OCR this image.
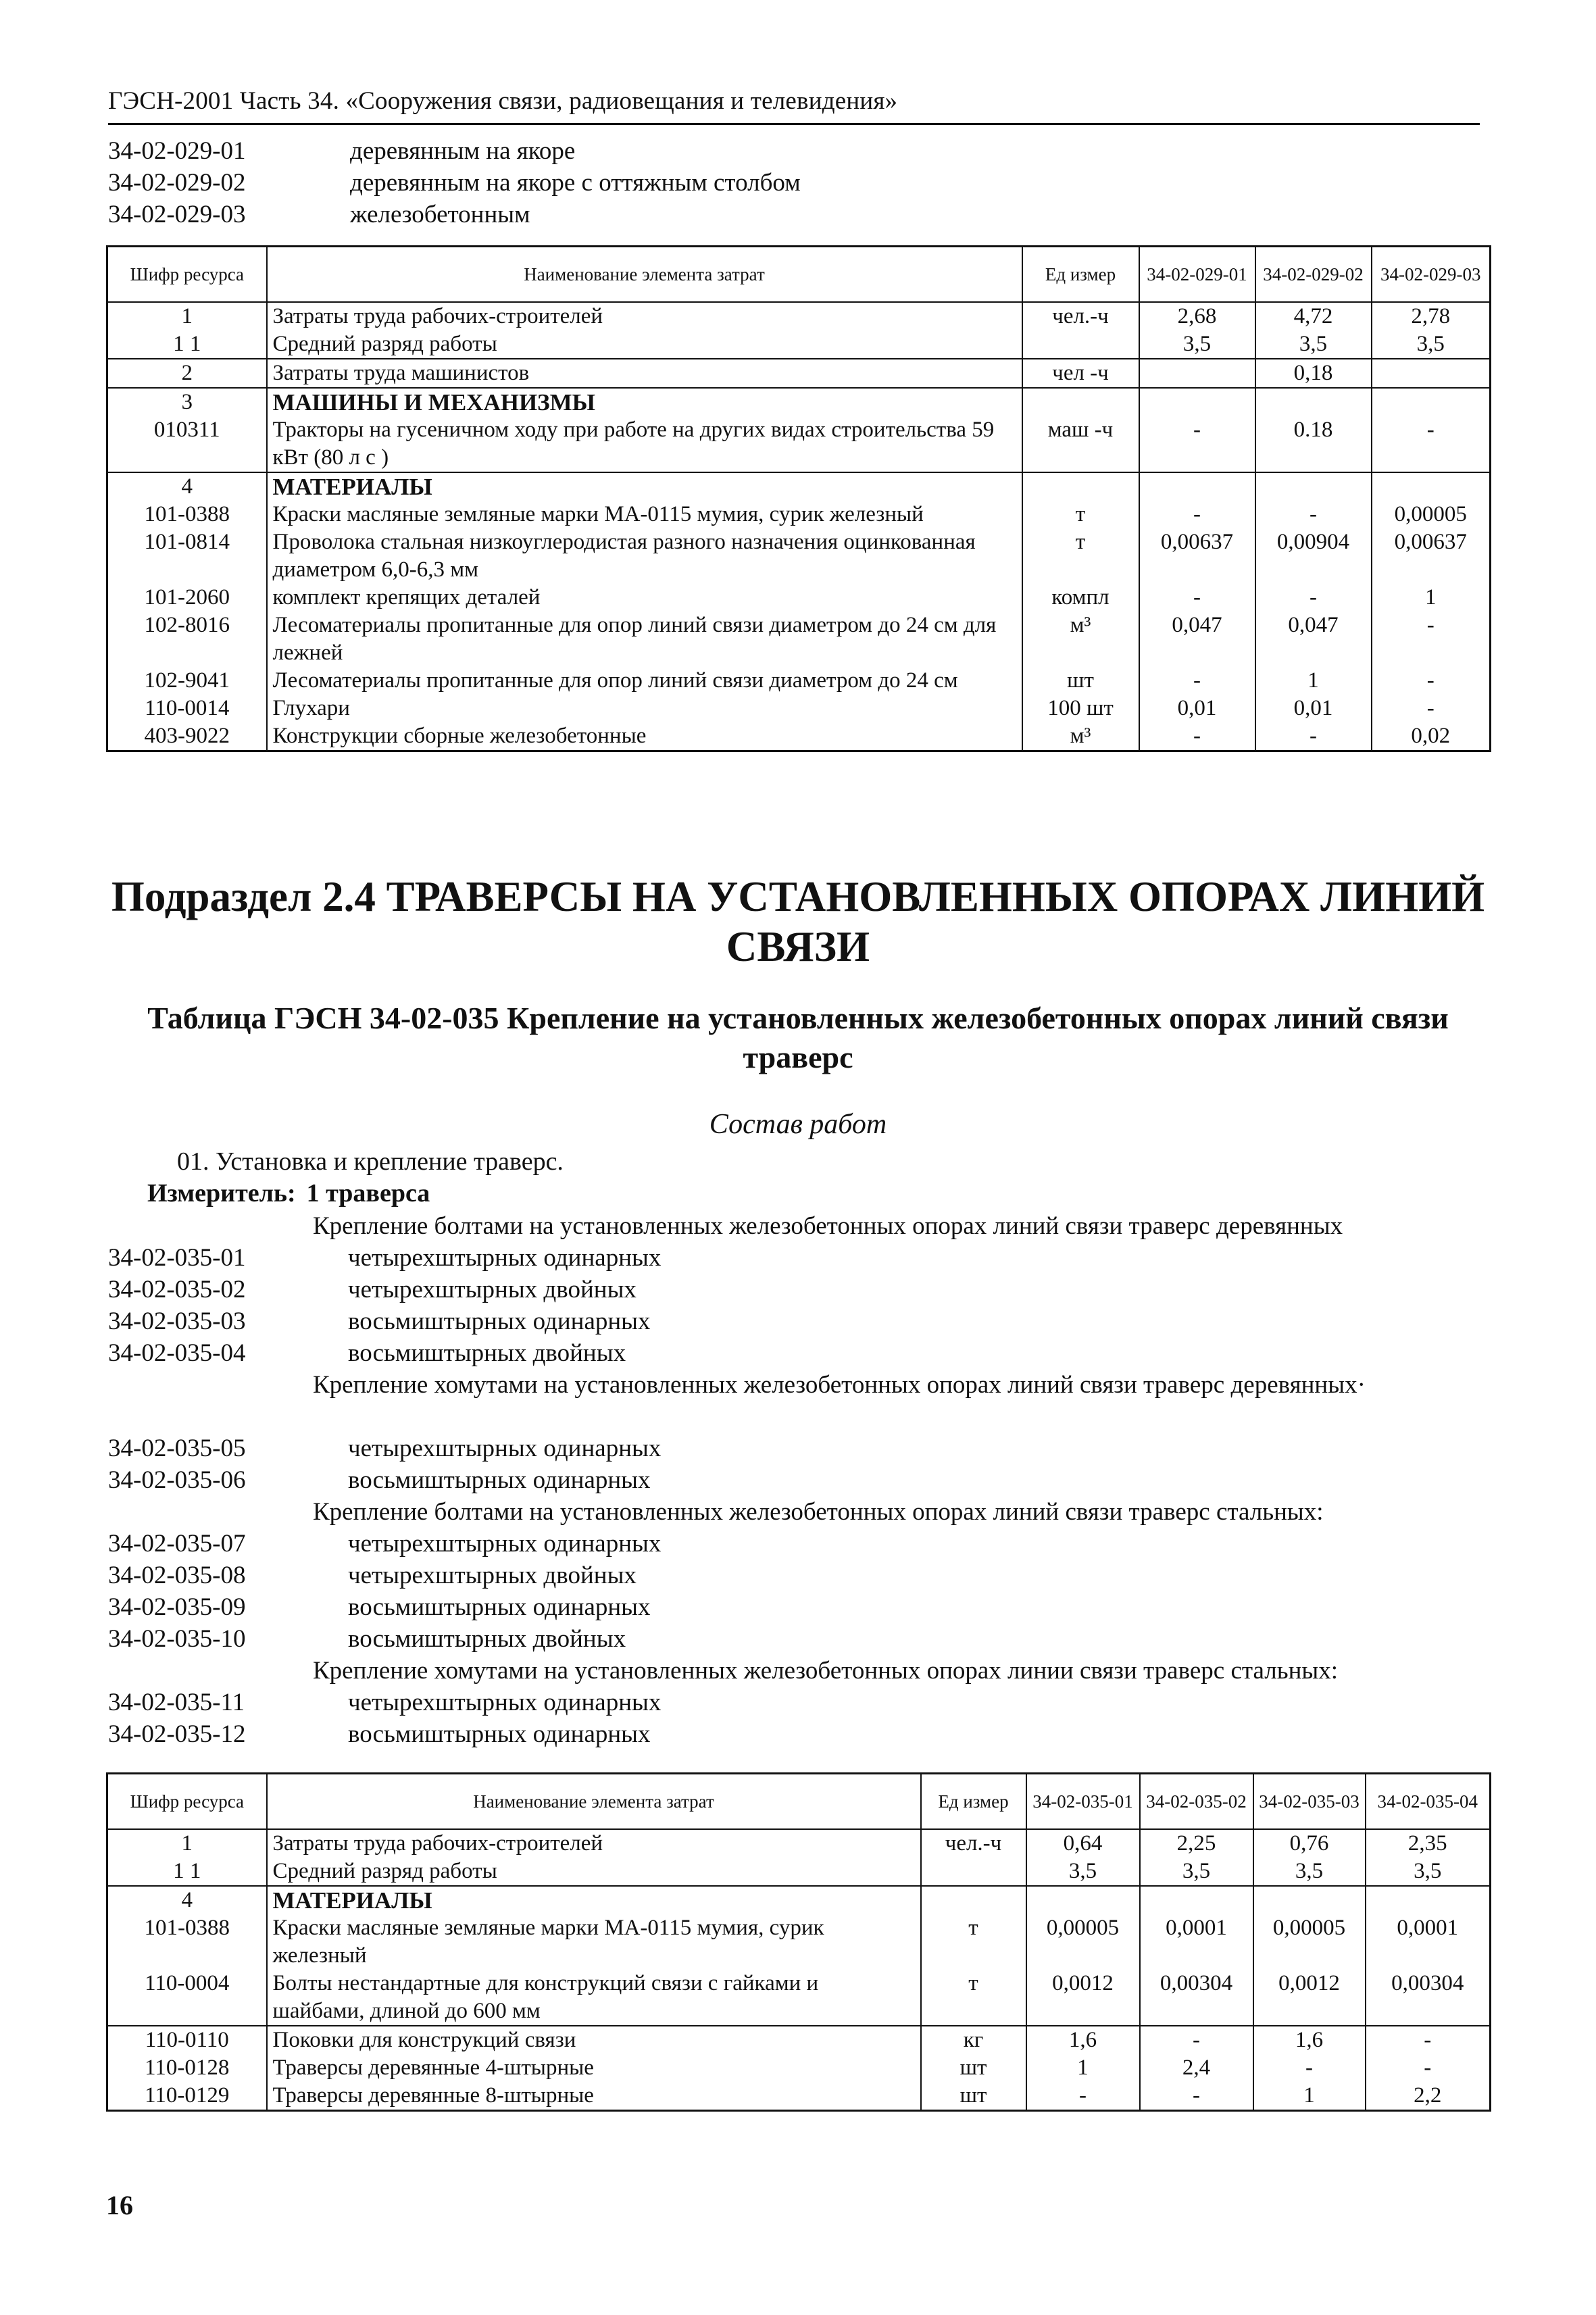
ГЭСН-2001 Часть 34. «Сооружения связи, радиовещания и телевидения»
34-02-029-01	деревянным на якоре
34-02-029-02	деревянным на якоре с оттяжным столбом
34-02-029-03	железобетонным
Шифр ресурса	Наименование элемента затрат	Ед измер	34-02-029-01	34-02-029-02	34-02-029-03
1	Затраты труда рабочих-строителей	чел.-ч	2,68	4,72	2,78
1 1	Средний разряд работы		3,5	3,5	3,5
2	Затраты труда машинистов	чел -ч		0,18	
3	МАШИНЫ И МЕХАНИЗМЫ				
010311	Тракторы на гусеничном ходу при работе на других видах строительства 59 кВт (80 л с )	маш -ч	-	0.18	-
4	МАТЕРИАЛЫ				
101-0388	Краски масляные земляные марки МА-0115 мумия, сурик железный	т	-	-	0,00005
101-0814	Проволока стальная низкоуглеродистая разного назначения оцинкованная диаметром 6,0-6,3 мм	т	0,00637	0,00904	0,00637
101-2060	комплект крепящих деталей	компл	-	-	1
102-8016	Лесоматериалы пропитанные для опор линий связи диаметром до 24 см для лежней	м³	0,047	0,047	-
102-9041	Лесоматериалы пропитанные для опор линий связи диаметром до 24 см	шт	-	1	-
110-0014	Глухари	100 шт	0,01	0,01	-
403-9022	Конструкции сборные железобетонные	м³	-	-	0,02
Подраздел 2.4 ТРАВЕРСЫ НА УСТАНОВЛЕННЫХ ОПОРАХ ЛИНИЙ СВЯЗИ
Таблица ГЭСН 34-02-035 Крепление на установленных железобетонных опорах линий связи траверс
Состав работ
01. Установка и крепление траверс.
Измеритель: 1 траверса
Крепление болтами на установленных железобетонных опорах линий связи траверс деревянных
34-02-035-01	четырехштырных одинарных
34-02-035-02	четырехштырных двойных
34-02-035-03	восьмиштырных одинарных
34-02-035-04	восьмиштырных двойных
Крепление хомутами на установленных железобетонных опорах линий связи траверс деревянных·
34-02-035-05	четырехштырных одинарных
34-02-035-06	восьмиштырных одинарных
Крепление болтами на установленных железобетонных опорах линий связи траверс стальных:
34-02-035-07	четырехштырных одинарных
34-02-035-08	четырехштырных двойных
34-02-035-09	восьмиштырных одинарных
34-02-035-10	восьмиштырных двойных
Крепление хомутами на установленных железобетонных опорах линии связи траверс стальных:
34-02-035-11	четырехштырных одинарных
34-02-035-12	восьмиштырных одинарных
Шифр ресурса	Наименование элемента затрат	Ед измер	34-02-035-01	34-02-035-02	34-02-035-03	34-02-035-04
1	Затраты труда рабочих-строителей	чел.-ч	0,64	2,25	0,76	2,35
1 1	Средний разряд работы		3,5	3,5	3,5	3,5
4	МАТЕРИАЛЫ					
101-0388	Краски масляные земляные марки МА-0115 мумия, сурик железный	т	0,00005	0,0001	0,00005	0,0001
110-0004	Болты нестандартные для конструкций связи с гайками и шайбами, длиной до 600 мм	т	0,0012	0,00304	0,0012	0,00304
110-0110	Поковки для конструкций связи	кг	1,6	-	1,6	-
110-0128	Траверсы деревянные 4-штырные	шт	1	2,4	-	-
110-0129	Траверсы деревянные 8-штырные	шт	-	-	1	2,2
16
